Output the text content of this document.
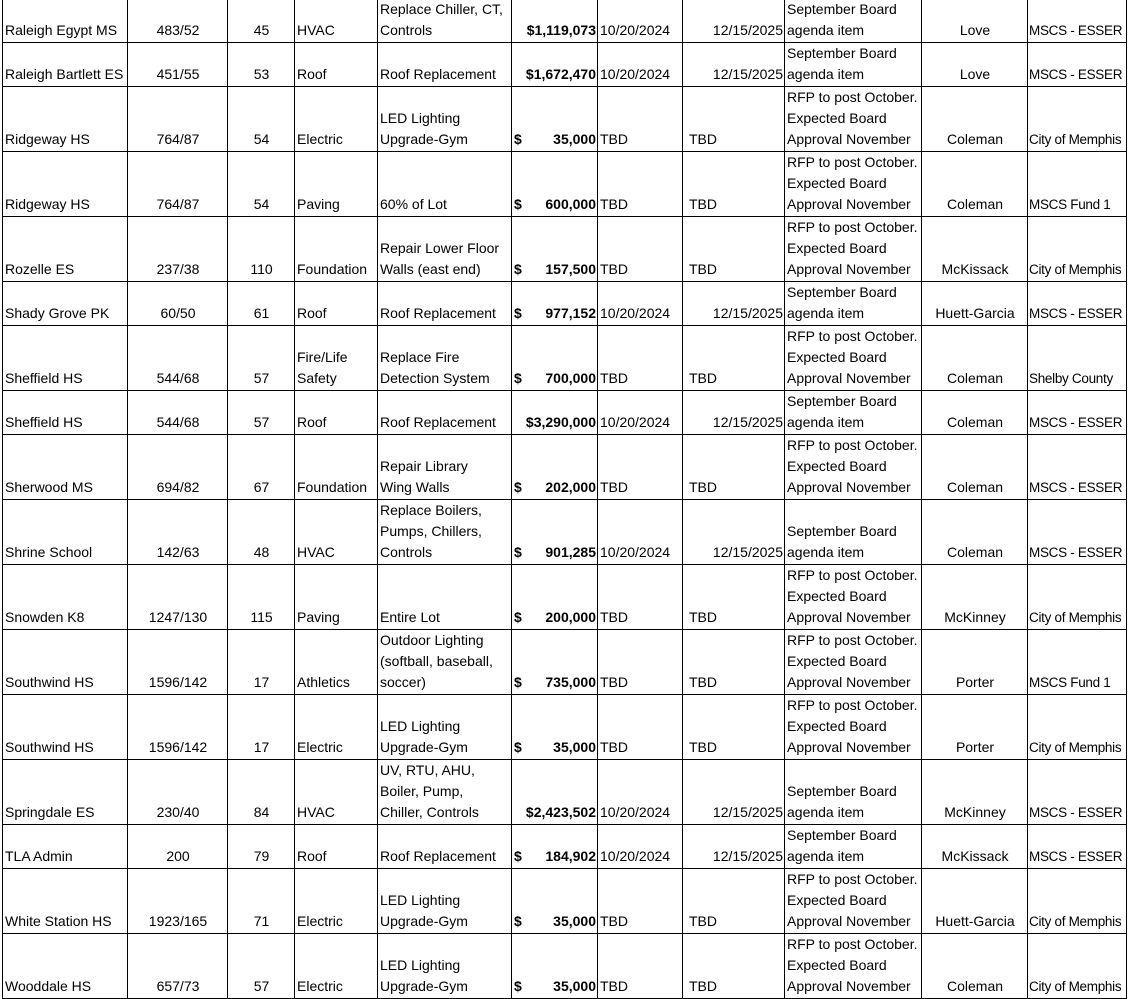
Raleigh Egypt MS	483/52	45	HVAC	Replace Chiller, CT,
Controls	$1,119,073	10/20/2024	12/15/2025	September Board
agenda item	Love	MSCS - ESSER
Raleigh Bartlett ES	451/55	53	Roof	Roof Replacement	$1,672,470	10/20/2024	12/15/2025	September Board
agenda item	Love	MSCS - ESSER
Ridgeway HS	764/87	54	Electric	LED Lighting
Upgrade-Gym	$ 35,000	TBD	TBD	RFP to post October.
Expected Board
Approval November	Coleman	City of Memphis
Ridgeway HS	764/87	54	Paving	60% of Lot	$ 600,000	TBD	TBD	RFP to post October.
Expected Board
Approval November	Coleman	MSCS Fund 1
Rozelle ES	237/38	110	Foundation	Repair Lower Floor
Walls (east end)	$ 157,500	TBD	TBD	RFP to post October.
Expected Board
Approval November	McKissack	City of Memphis
Shady Grove PK	60/50	61	Roof	Roof Replacement	$ 977,152	10/20/2024	12/15/2025	September Board
agenda item	Huett-Garcia	MSCS - ESSER
Sheffield HS	544/68	57	Fire/Life
Safety	Replace Fire
Detection System	$ 700,000	TBD	TBD	RFP to post October.
Expected Board
Approval November	Coleman	Shelby County
Sheffield HS	544/68	57	Roof	Roof Replacement	$3,290,000	10/20/2024	12/15/2025	September Board
agenda item	Coleman	MSCS - ESSER
Sherwood MS	694/82	67	Foundation	Repair Library
Wing Walls	$ 202,000	TBD	TBD	RFP to post October.
Expected Board
Approval November	Coleman	MSCS - ESSER
Shrine School	142/63	48	HVAC	Replace Boilers,
Pumps, Chillers,
Controls	$ 901,285	10/20/2024	12/15/2025	September Board
agenda item	Coleman	MSCS - ESSER
Snowden K8	1247/130	115	Paving	Entire Lot	$ 200,000	TBD	TBD	RFP to post October.
Expected Board
Approval November	McKinney	City of Memphis
Southwind HS	1596/142	17	Athletics	Outdoor Lighting
(softball, baseball,
soccer)	$ 735,000	TBD	TBD	RFP to post October.
Expected Board
Approval November	Porter	MSCS Fund 1
Southwind HS	1596/142	17	Electric	LED Lighting
Upgrade-Gym	$ 35,000	TBD	TBD	RFP to post October.
Expected Board
Approval November	Porter	City of Memphis
Springdale ES	230/40	84	HVAC	UV, RTU, AHU,
Boiler, Pump,
Chiller, Controls	$2,423,502	10/20/2024	12/15/2025	September Board
agenda item	McKinney	MSCS - ESSER
TLA Admin	200	79	Roof	Roof Replacement	$ 184,902	10/20/2024	12/15/2025	September Board
agenda item	McKissack	MSCS - ESSER
White Station HS	1923/165	71	Electric	LED Lighting
Upgrade-Gym	$ 35,000	TBD	TBD	RFP to post October.
Expected Board
Approval November	Huett-Garcia	City of Memphis
Wooddale HS	657/73	57	Electric	LED Lighting
Upgrade-Gym	$ 35,000	TBD	TBD	RFP to post October.
Expected Board
Approval November	Coleman	City of Memphis
